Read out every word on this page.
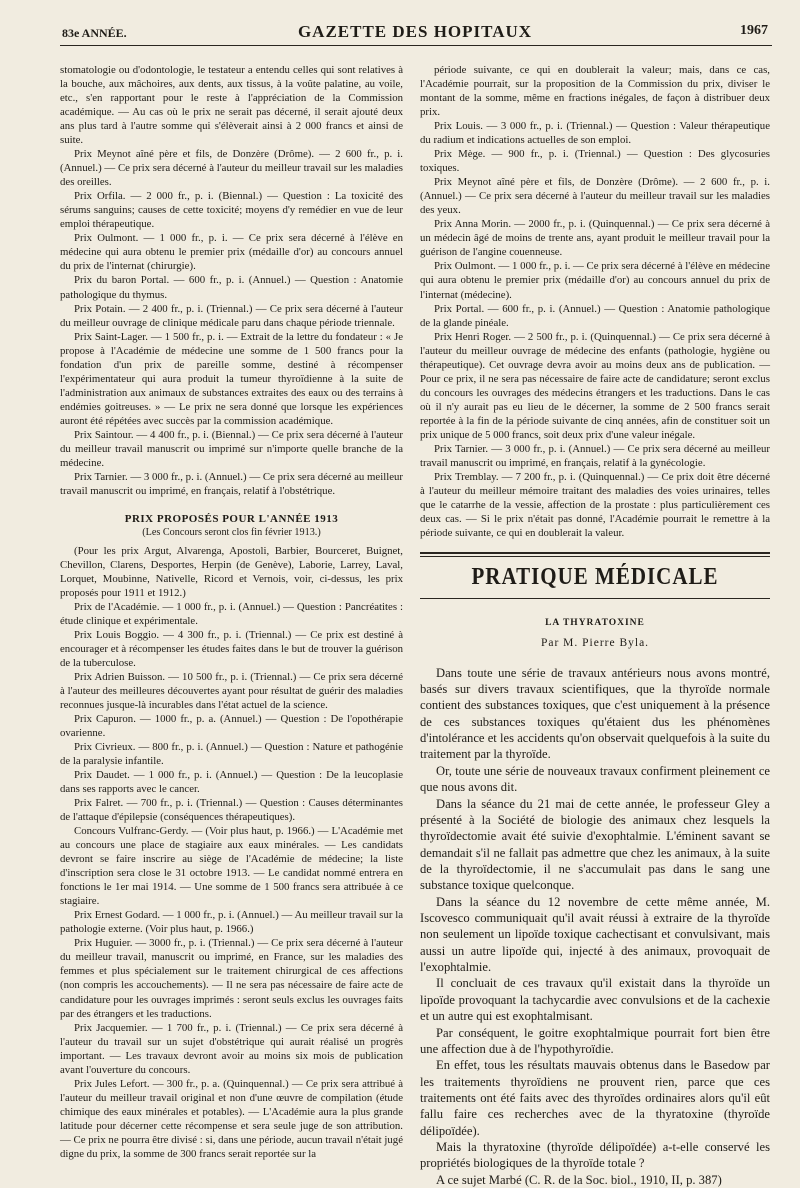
83e ANNÉE.	GAZETTE DES HOPITAUX	1967

stomatologie ou d'odontologie, le testateur a entendu celles qui sont relatives à la bouche, aux mâchoires, aux dents, aux tissus, à la voûte palatine, au voile, etc., s'en rapportant pour le reste à l'appréciation de la Commission académique. — Au cas où le prix ne serait pas décerné, il serait ajouté deux ans plus tard à l'autre somme qui s'élèverait ainsi à 2 000 francs et ainsi de suite.

Prix Meynot aîné père et fils, de Donzère (Drôme). — 2 600 fr., p. i. (Annuel.) — Ce prix sera décerné à l'auteur du meilleur travail sur les maladies des oreilles.

Prix Orfila. — 2 000 fr., p. i. (Biennal.) — Question : La toxicité des sérums sanguins; causes de cette toxicité; moyens d'y remédier en vue de leur emploi thérapeutique.

Prix Oulmont. — 1 000 fr., p. i. — Ce prix sera décerné à l'élève en médecine qui aura obtenu le premier prix (médaille d'or) au concours annuel du prix de l'internat (chirurgie).

Prix du baron Portal. — 600 fr., p. i. (Annuel.) — Question : Anatomie pathologique du thymus.

Prix Potain. — 2 400 fr., p. i. (Triennal.) — Ce prix sera décerné à l'auteur du meilleur ouvrage de clinique médicale paru dans chaque période triennale.

Prix Saint-Lager. — 1 500 fr., p. i. — Extrait de la lettre du fondateur : « Je propose à l'Académie de médecine une somme de 1 500 francs pour la fondation d'un prix de pareille somme, destiné à récompenser l'expérimentateur qui aura produit la tumeur thyroïdienne à la suite de l'administration aux animaux de substances extraites des eaux ou des terrains à endémies goitreuses. » — Le prix ne sera donné que lorsque les expériences auront été répétées avec succès par la commission académique.

Prix Saintour. — 4 400 fr., p. i. (Biennal.) — Ce prix sera décerné à l'auteur du meilleur travail manuscrit ou imprimé sur n'importe quelle branche de la médecine.

Prix Tarnier. — 3 000 fr., p. i. (Annuel.) — Ce prix sera décerné au meilleur travail manuscrit ou imprimé, en français, relatif à l'obstétrique.

PRIX PROPOSÉS POUR L'ANNÉE 1913
(Les Concours seront clos fin février 1913.)

(Pour les prix Argut, Alvarenga, Apostoli, Barbier, Bourceret, Buignet, Chevillon, Clarens, Desportes, Herpin (de Genève), Laborie, Larrey, Laval, Lorquet, Moubinne, Nativelle, Ricord et Vernois, voir, ci-dessus, les prix proposés pour 1911 et 1912.)

Prix de l'Académie. — 1 000 fr., p. i. (Annuel.) — Question : Pancréatites : étude clinique et expérimentale.

Prix Louis Boggio. — 4 300 fr., p. i. (Triennal.) — Ce prix est destiné à encourager et à récompenser les études faites dans le but de trouver la guérison de la tuberculose.

Prix Adrien Buisson. — 10 500 fr., p. i. (Triennal.) — Ce prix sera décerné à l'auteur des meilleures découvertes ayant pour résultat de guérir des maladies reconnues jusque-là incurables dans l'état actuel de la science.

Prix Capuron. — 1000 fr., p. a. (Annuel.) — Question : De l'opothérapie ovarienne.

Prix Civrieux. — 800 fr., p. i. (Annuel.) — Question : Nature et pathogénie de la paralysie infantile.

Prix Daudet. — 1 000 fr., p. i. (Annuel.) — Question : De la leucoplasie dans ses rapports avec le cancer.

Prix Falret. — 700 fr., p. i. (Triennal.) — Question : Causes déterminantes de l'attaque d'épilepsie (conséquences thérapeutiques).

Concours Vulfranc-Gerdy. — (Voir plus haut, p. 1966.) — L'Académie met au concours une place de stagiaire aux eaux minérales. — Les candidats devront se faire inscrire au siège de l'Académie de médecine; la liste d'inscription sera close le 31 octobre 1913. — Le candidat nommé entrera en fonctions le 1er mai 1914. — Une somme de 1 500 francs sera attribuée à ce stagiaire.

Prix Ernest Godard. — 1 000 fr., p. i. (Annuel.) — Au meilleur travail sur la pathologie externe. (Voir plus haut, p. 1966.)

Prix Huguier. — 3000 fr., p. i. (Triennal.) — Ce prix sera décerné à l'auteur du meilleur travail, manuscrit ou imprimé, en France, sur les maladies des femmes et plus spécialement sur le traitement chirurgical de ces affections (non compris les accouchements). — Il ne sera pas nécessaire de faire acte de candidature pour les ouvrages imprimés : seront seuls exclus les ouvrages faits par des étrangers et les traductions.

Prix Jacquemier. — 1 700 fr., p. i. (Triennal.) — Ce prix sera décerné à l'auteur du travail sur un sujet d'obstétrique qui aurait réalisé un progrès important. — Les travaux devront avoir au moins six mois de publication avant l'ouverture du concours.

Prix Jules Lefort. — 300 fr., p. a. (Quinquennal.) — Ce prix sera attribué à l'auteur du meilleur travail original et non d'une œuvre de compilation (étude chimique des eaux minérales et potables). — L'Académie aura la plus grande latitude pour décerner cette récompense et sera seule juge de son attribution. — Ce prix ne pourra être divisé : si, dans une période, aucun travail n'était jugé digne du prix, la somme de 300 francs serait reportée sur la

période suivante, ce qui en doublerait la valeur; mais, dans ce cas, l'Académie pourrait, sur la proposition de la Commission du prix, diviser le montant de la somme, même en fractions inégales, de façon à distribuer deux prix.

Prix Louis. — 3 000 fr., p. i. (Triennal.) — Question : Valeur thérapeutique du radium et indications actuelles de son emploi.

Prix Mège. — 900 fr., p. i. (Triennal.) — Question : Des glycosuries toxiques.

Prix Meynot aîné père et fils, de Donzère (Drôme). — 2 600 fr., p. i. (Annuel.) — Ce prix sera décerné à l'auteur du meilleur travail sur les maladies des yeux.

Prix Anna Morin. — 2000 fr., p. i. (Quinquennal.) — Ce prix sera décerné à un médecin âgé de moins de trente ans, ayant produit le meilleur travail pour la guérison de l'angine couenneuse.

Prix Oulmont. — 1 000 fr., p. i. — Ce prix sera décerné à l'élève en médecine qui aura obtenu le premier prix (médaille d'or) au concours annuel du prix de l'internat (médecine).

Prix Portal. — 600 fr., p. i. (Annuel.) — Question : Anatomie pathologique de la glande pinéale.

Prix Henri Roger. — 2 500 fr., p. i. (Quinquennal.) — Ce prix sera décerné à l'auteur du meilleur ouvrage de médecine des enfants (pathologie, hygiène ou thérapeutique). Cet ouvrage devra avoir au moins deux ans de publication. — Pour ce prix, il ne sera pas nécessaire de faire acte de candidature; seront exclus du concours les ouvrages des médecins étrangers et les traductions. Dans le cas où il n'y aurait pas eu lieu de le décerner, la somme de 2 500 francs serait reportée à la fin de la période suivante de cinq années, afin de constituer soit un prix unique de 5 000 francs, soit deux prix d'une valeur inégale.

Prix Tarnier. — 3 000 fr., p. i. (Annuel.) — Ce prix sera décerné au meilleur travail manuscrit ou imprimé, en français, relatif à la gynécologie.

Prix Tremblay. — 7 200 fr., p. i. (Quinquennal.) — Ce prix doit être décerné à l'auteur du meilleur mémoire traitant des maladies des voies urinaires, telles que le catarrhe de la vessie, affection de la prostate : plus particulièrement ces deux cas. — Si le prix n'était pas donné, l'Académie pourrait le remettre à la période suivante, ce qui en doublerait la valeur.

PRATIQUE MÉDICALE
LA THYRATOXINE
Par M. Pierre Byla.

Dans toute une série de travaux antérieurs nous avons montré, basés sur divers travaux scientifiques, que la thyroïde normale contient des substances toxiques, que c'est uniquement à la présence de ces substances toxiques qu'étaient dus les phénomènes d'intolérance et les accidents qu'on observait quelquefois à la suite du traitement par la thyroïde.

Or, toute une série de nouveaux travaux confirment pleinement ce que nous avons dit.

Dans la séance du 21 mai de cette année, le professeur Gley a présenté à la Société de biologie des animaux chez lesquels la thyroïdectomie avait été suivie d'exophtalmie. L'éminent savant se demandait s'il ne fallait pas admettre que chez les animaux, à la suite de la thyroïdectomie, il ne s'accumulait pas dans le sang une substance toxique quelconque.

Dans la séance du 12 novembre de cette même année, M. Iscovesco communiquait qu'il avait réussi à extraire de la thyroïde non seulement un lipoïde toxique cachectisant et convulsivant, mais aussi un autre lipoïde qui, injecté à des animaux, provoquait de l'exophtalmie.

Il concluait de ces travaux qu'il existait dans la thyroïde un lipoïde provoquant la tachycardie avec convulsions et de la cachexie et un autre qui est exophtalmisant.

Par conséquent, le goitre exophtalmique pourrait fort bien être une affection due à de l'hypothyroïdie.

En effet, tous les résultats mauvais obtenus dans le Basedow par les traitements thyroïdiens ne prouvent rien, parce que ces traitements ont été faits avec des thyroïdes ordinaires alors qu'il eût fallu faire ces recherches avec de la thyratoxine (thyroïde délipoïdée).

Mais la thyratoxine (thyroïde délipoïdée) a-t-elle conservé les propriétés biologiques de la thyroïde totale ?

A ce sujet Marbé (C. R. de la Soc. biol., 1910, II, p. 387)
